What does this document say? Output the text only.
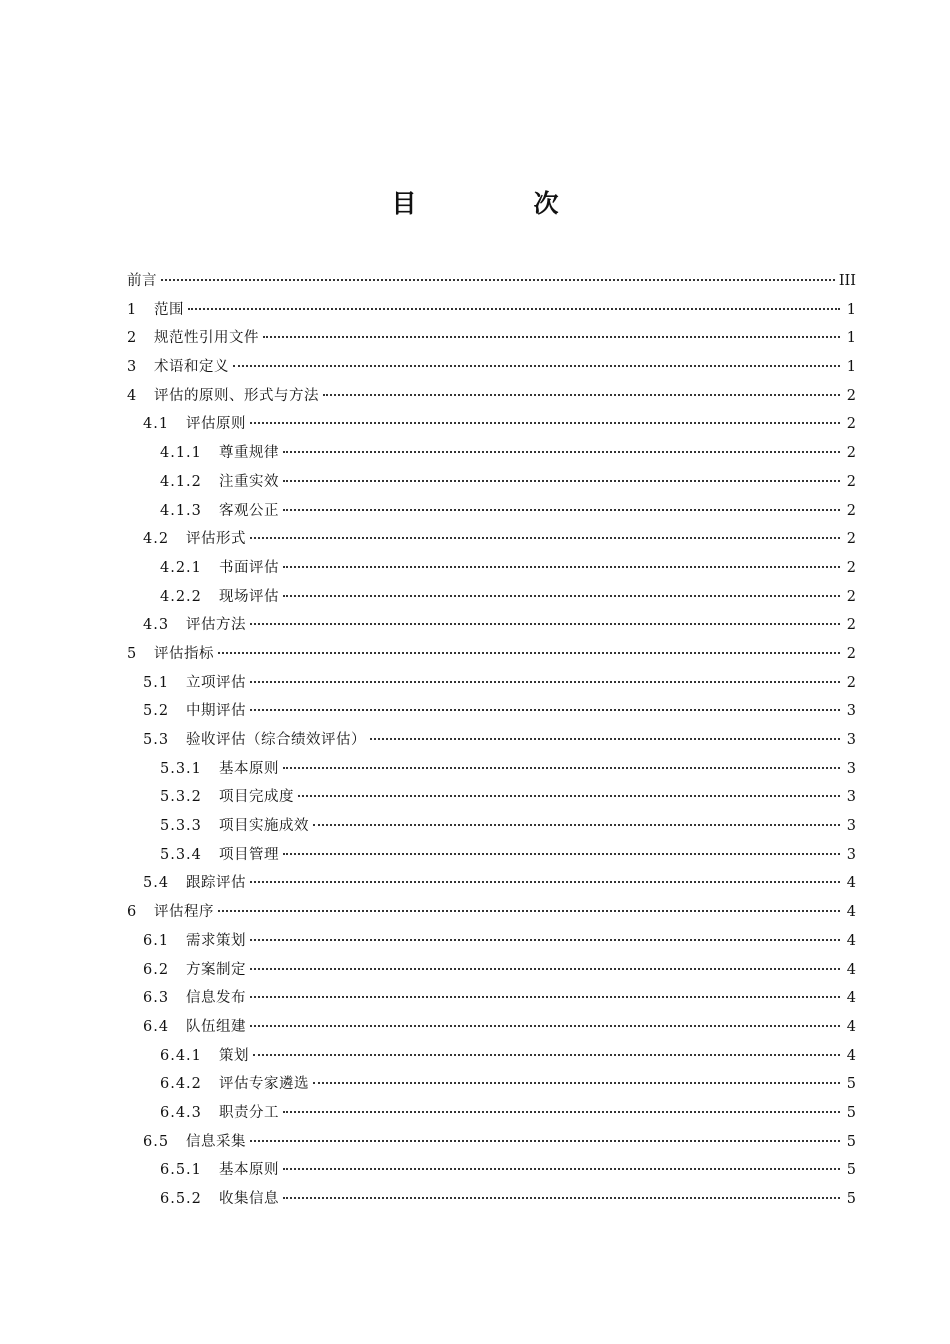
目　次
前言	III
1	范围	1
2	规范性引用文件	1
3	术语和定义	1
4	评估的原则、形式与方法	2
4.1	评估原则	2
4.1.1	尊重规律	2
4.1.2	注重实效	2
4.1.3	客观公正	2
4.2	评估形式	2
4.2.1	书面评估	2
4.2.2	现场评估	2
4.3	评估方法	2
5	评估指标	2
5.1	立项评估	2
5.2	中期评估	3
5.3	验收评估（综合绩效评估）	3
5.3.1	基本原则	3
5.3.2	项目完成度	3
5.3.3	项目实施成效	3
5.3.4	项目管理	3
5.4	跟踪评估	4
6	评估程序	4
6.1	需求策划	4
6.2	方案制定	4
6.3	信息发布	4
6.4	队伍组建	4
6.4.1	策划	4
6.4.2	评估专家遴选	5
6.4.3	职责分工	5
6.5	信息采集	5
6.5.1	基本原则	5
6.5.2	收集信息	5
